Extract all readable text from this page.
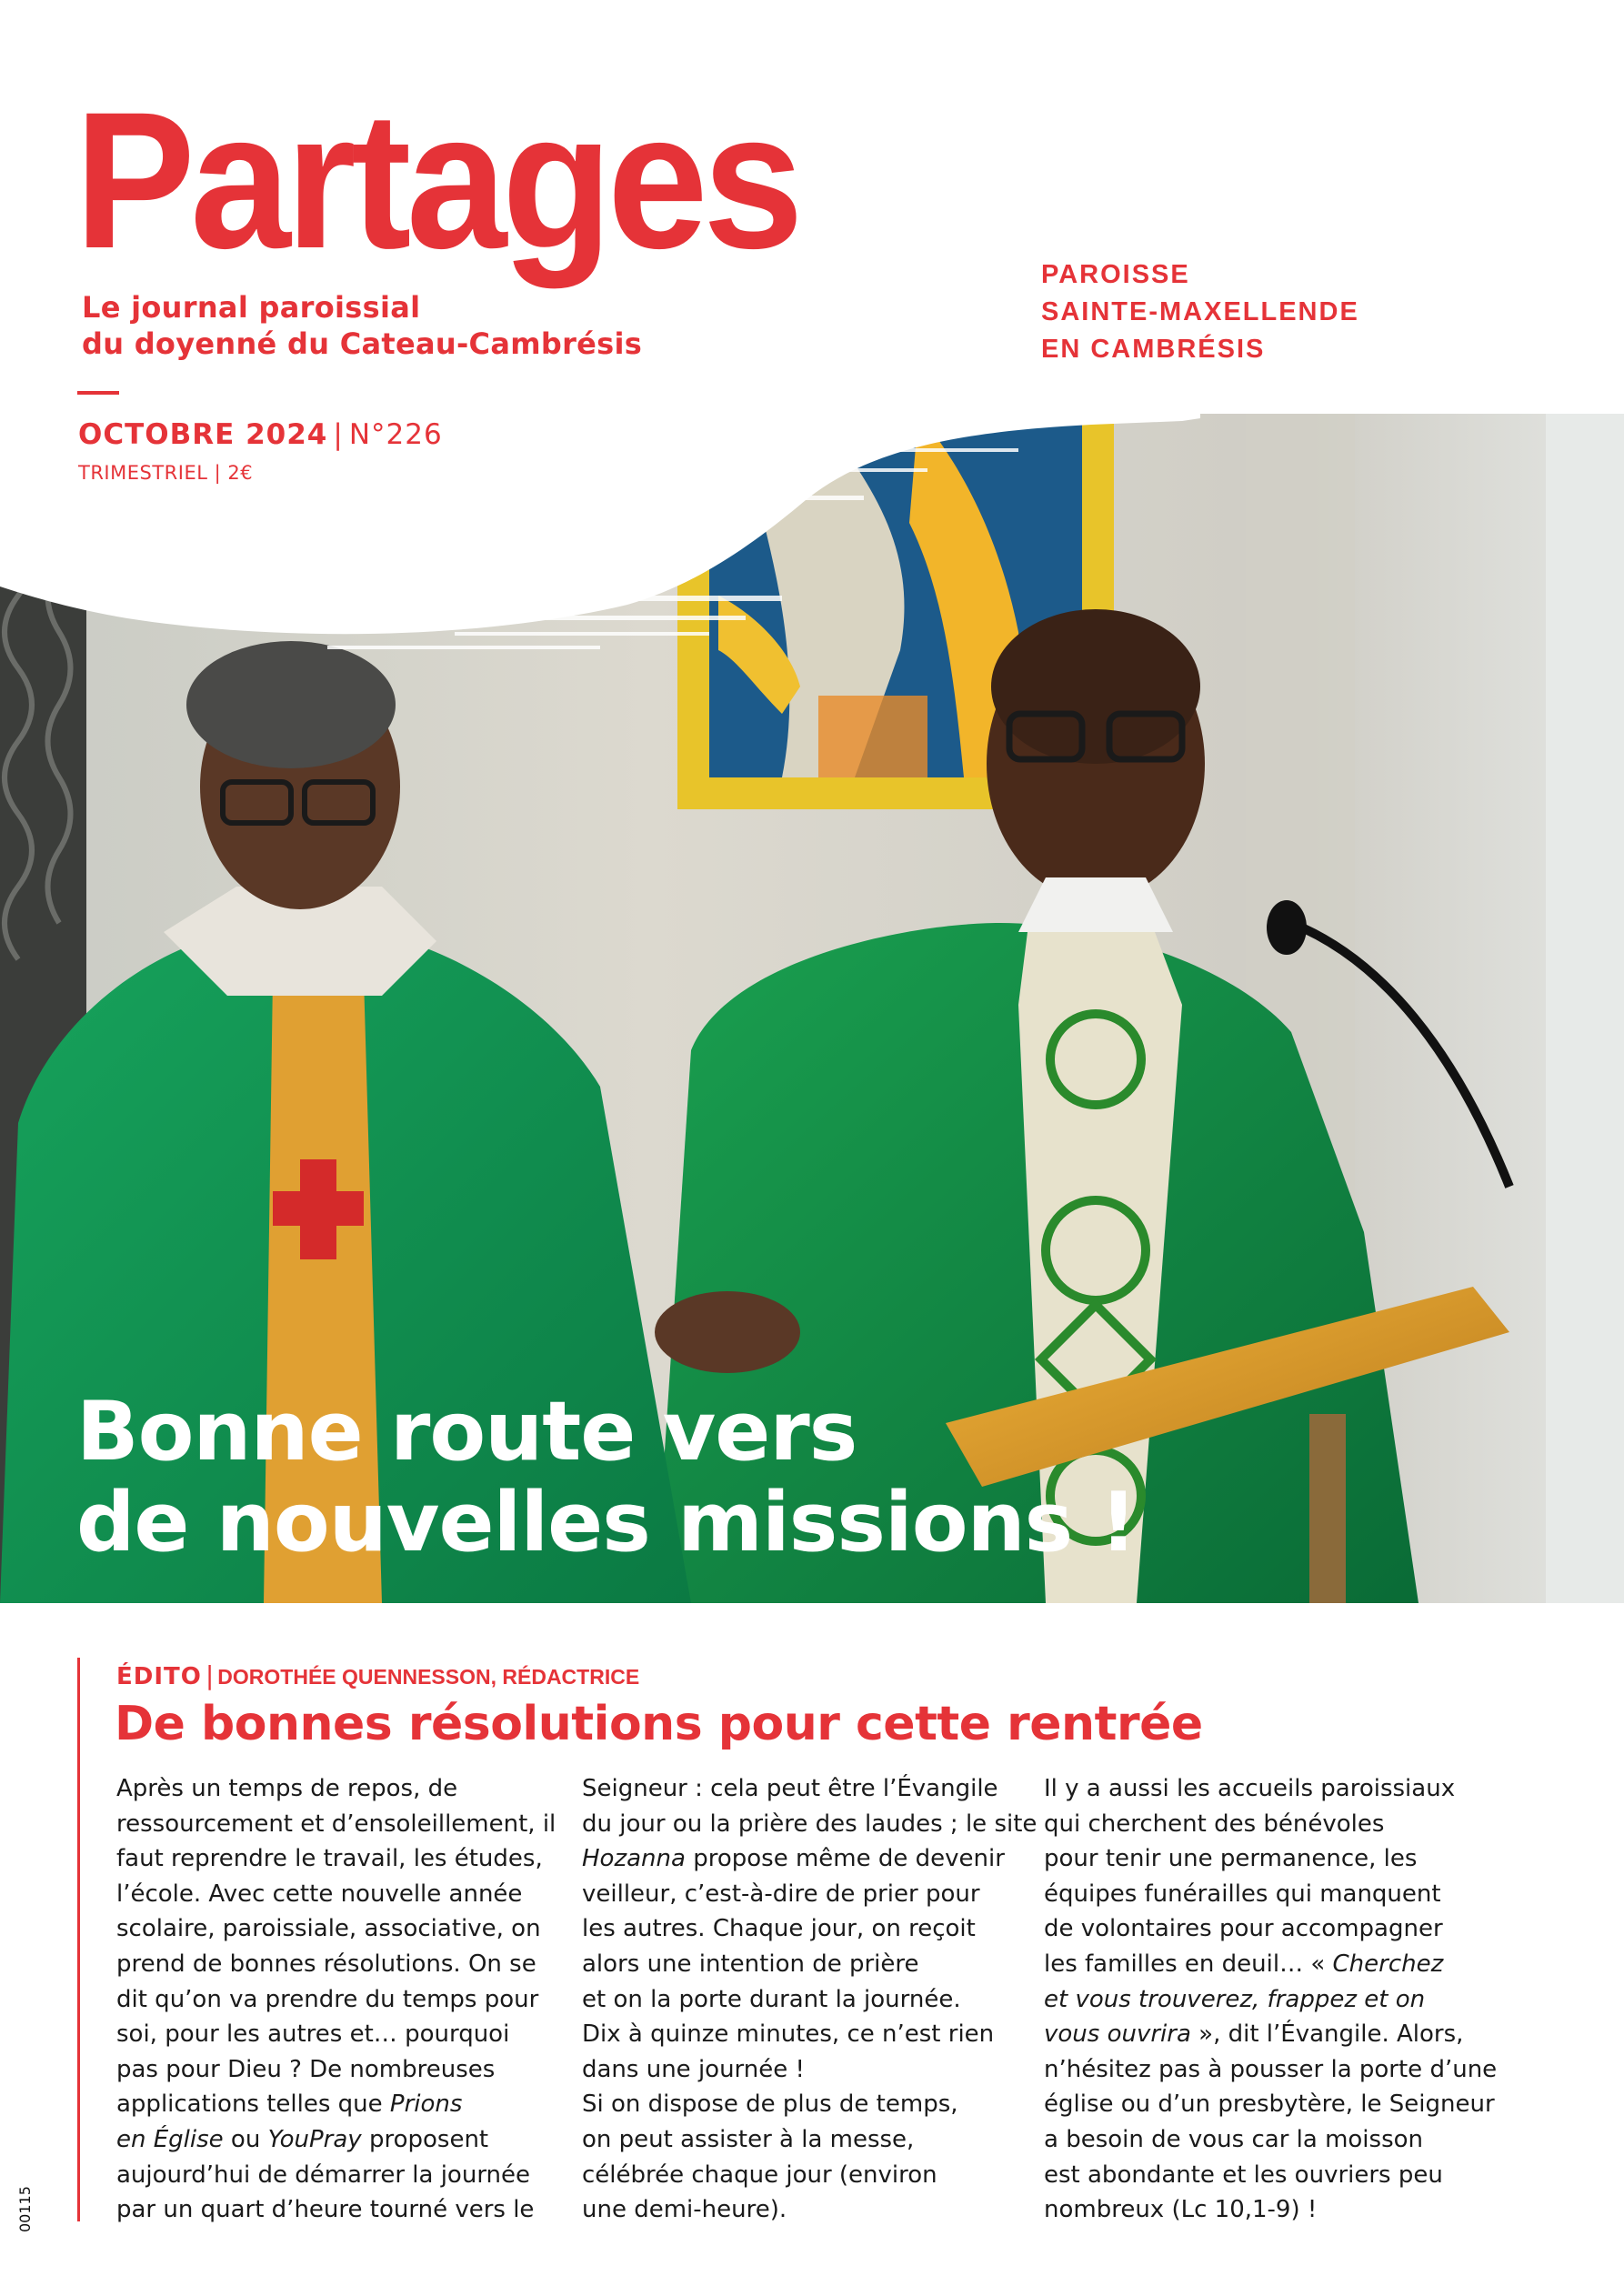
Partages

Le journal paroissial
du doyenné du Cateau-Cambrésis

PAROISSE
SAINTE-MAXELLENDE
EN CAMBRÉSIS

OCTOBRE 2024 | N°226

TRIMESTRIEL | 2€

Bonne route vers
de nouvelles missions !

ÉDITO | DOROTHÉE QUENNESSON, RÉDACTRICE

De bonnes résolutions pour cette rentrée
Après un temps de repos, de
ressourcement et d’ensoleillement, il
faut reprendre le travail, les études,
l’école. Avec cette nouvelle année
scolaire, paroissiale, associative, on
prend de bonnes résolutions. On se
dit qu’on va prendre du temps pour
soi, pour les autres et… pourquoi
pas pour Dieu ? De nombreuses
applications telles que Prions
en Église ou YouPray proposent
aujourd’hui de démarrer la journée
par un quart d’heure tourné vers le
Seigneur : cela peut être l’Évangile
du jour ou la prière des laudes ; le site
Hozanna propose même de devenir
veilleur, c’est-à-dire de prier pour
les autres. Chaque jour, on reçoit
alors une intention de prière
et on la porte durant la journée.
Dix à quinze minutes, ce n’est rien
dans une journée !
Si on dispose de plus de temps,
on peut assister à la messe,
célébrée chaque jour (environ
une demi-heure).
Il y a aussi les accueils paroissiaux
qui cherchent des bénévoles
pour tenir une permanence, les
équipes funérailles qui manquent
de volontaires pour accompagner
les familles en deuil… « Cherchez
et vous trouverez, frappez et on
vous ouvrira », dit l’Évangile. Alors,
n’hésitez pas à pousser la porte d’une
église ou d’un presbytère, le Seigneur
a besoin de vous car la moisson
est abondante et les ouvriers peu
nombreux (Lc 10,1-9) !

00115
